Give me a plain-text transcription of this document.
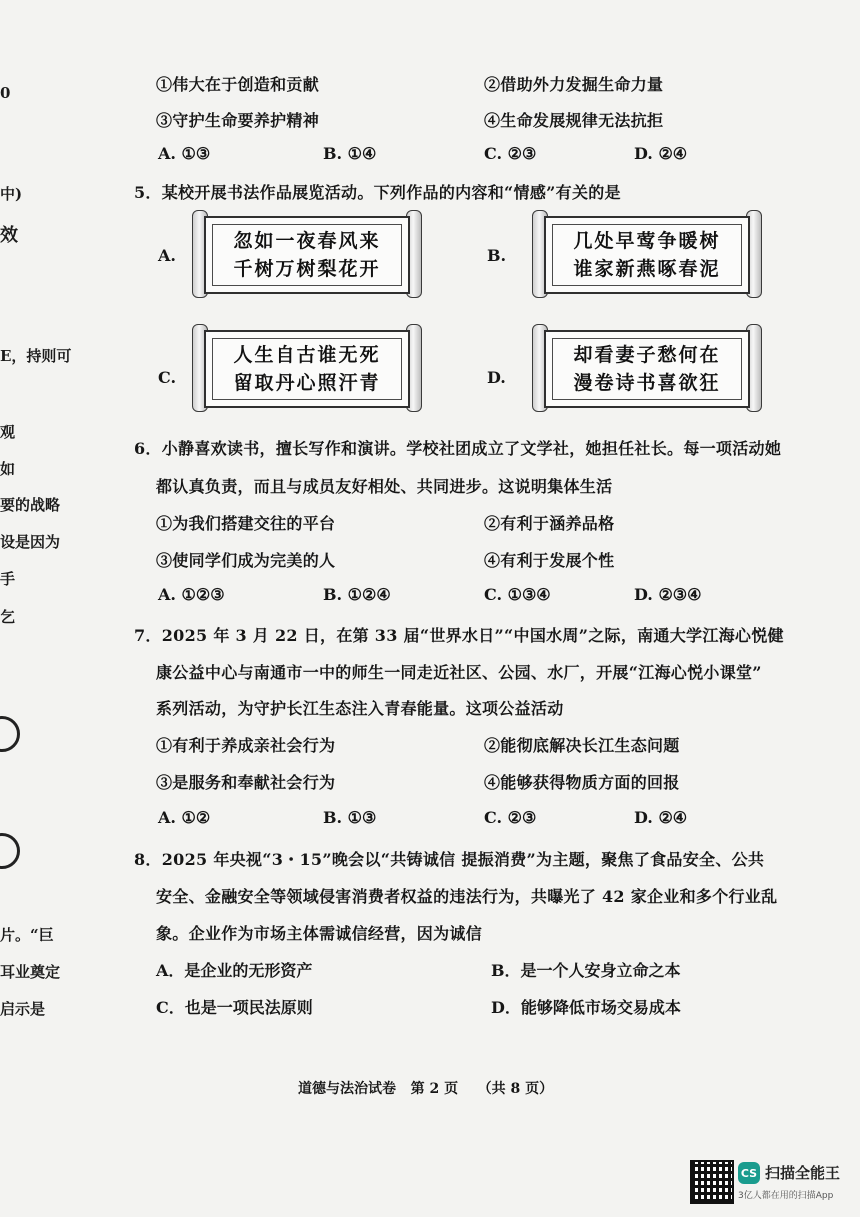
0
中)
效
E，持则可
观
如
要的战略
设是因为
手
乞
片。“巨
耳业奠定
启示是
①伟大在于创造和贡献	②借助外力发掘生命力量
③守护生命要养护精神	④生命发展规律无法抗拒
A. ①③	B. ①④	C. ②③	D. ②④
5．某校开展书法作品展览活动。下列作品的内容和“情感”有关的是
A.
忽如一夜春风来
千树万树梨花开
B.
几处早莺争暖树
谁家新燕啄春泥
C.
人生自古谁无死
留取丹心照汗青	D.
却看妻子愁何在
漫卷诗书喜欲狂
6．小静喜欢读书，擅长写作和演讲。学校社团成立了文学社，她担任社长。每一项活动她
都认真负责，而且与成员友好相处、共同进步。这说明集体生活
①为我们搭建交往的平台	②有利于涵养品格
③使同学们成为完美的人	④有利于发展个性
A. ①②③	B. ①②④	C. ①③④	D. ②③④
7．2025 年 3 月 22 日，在第 33 届“世界水日”“中国水周”之际，南通大学江海心悦健
康公益中心与南通市一中的师生一同走近社区、公园、水厂，开展“江海心悦小课堂”
系列活动，为守护长江生态注入青春能量。这项公益活动
①有利于养成亲社会行为	②能彻底解决长江生态问题
③是服务和奉献社会行为	④能够获得物质方面的回报
A. ①②	B. ①③	C. ②③	D. ②④
8．2025 年央视“3・15”晚会以“共铸诚信 提振消费”为主题，聚焦了食品安全、公共
安全、金融安全等领域侵害消费者权益的违法行为，共曝光了 42 家企业和多个行业乱
象。企业作为市场主体需诚信经营，因为诚信
A．是企业的无形资产	B．是一个人安身立命之本
C．也是一项民法原则	D．能够降低市场交易成本
道德与法治试卷   第 2 页    （共 8 页）
CS 扫描全能王
3亿人都在用的扫描App
